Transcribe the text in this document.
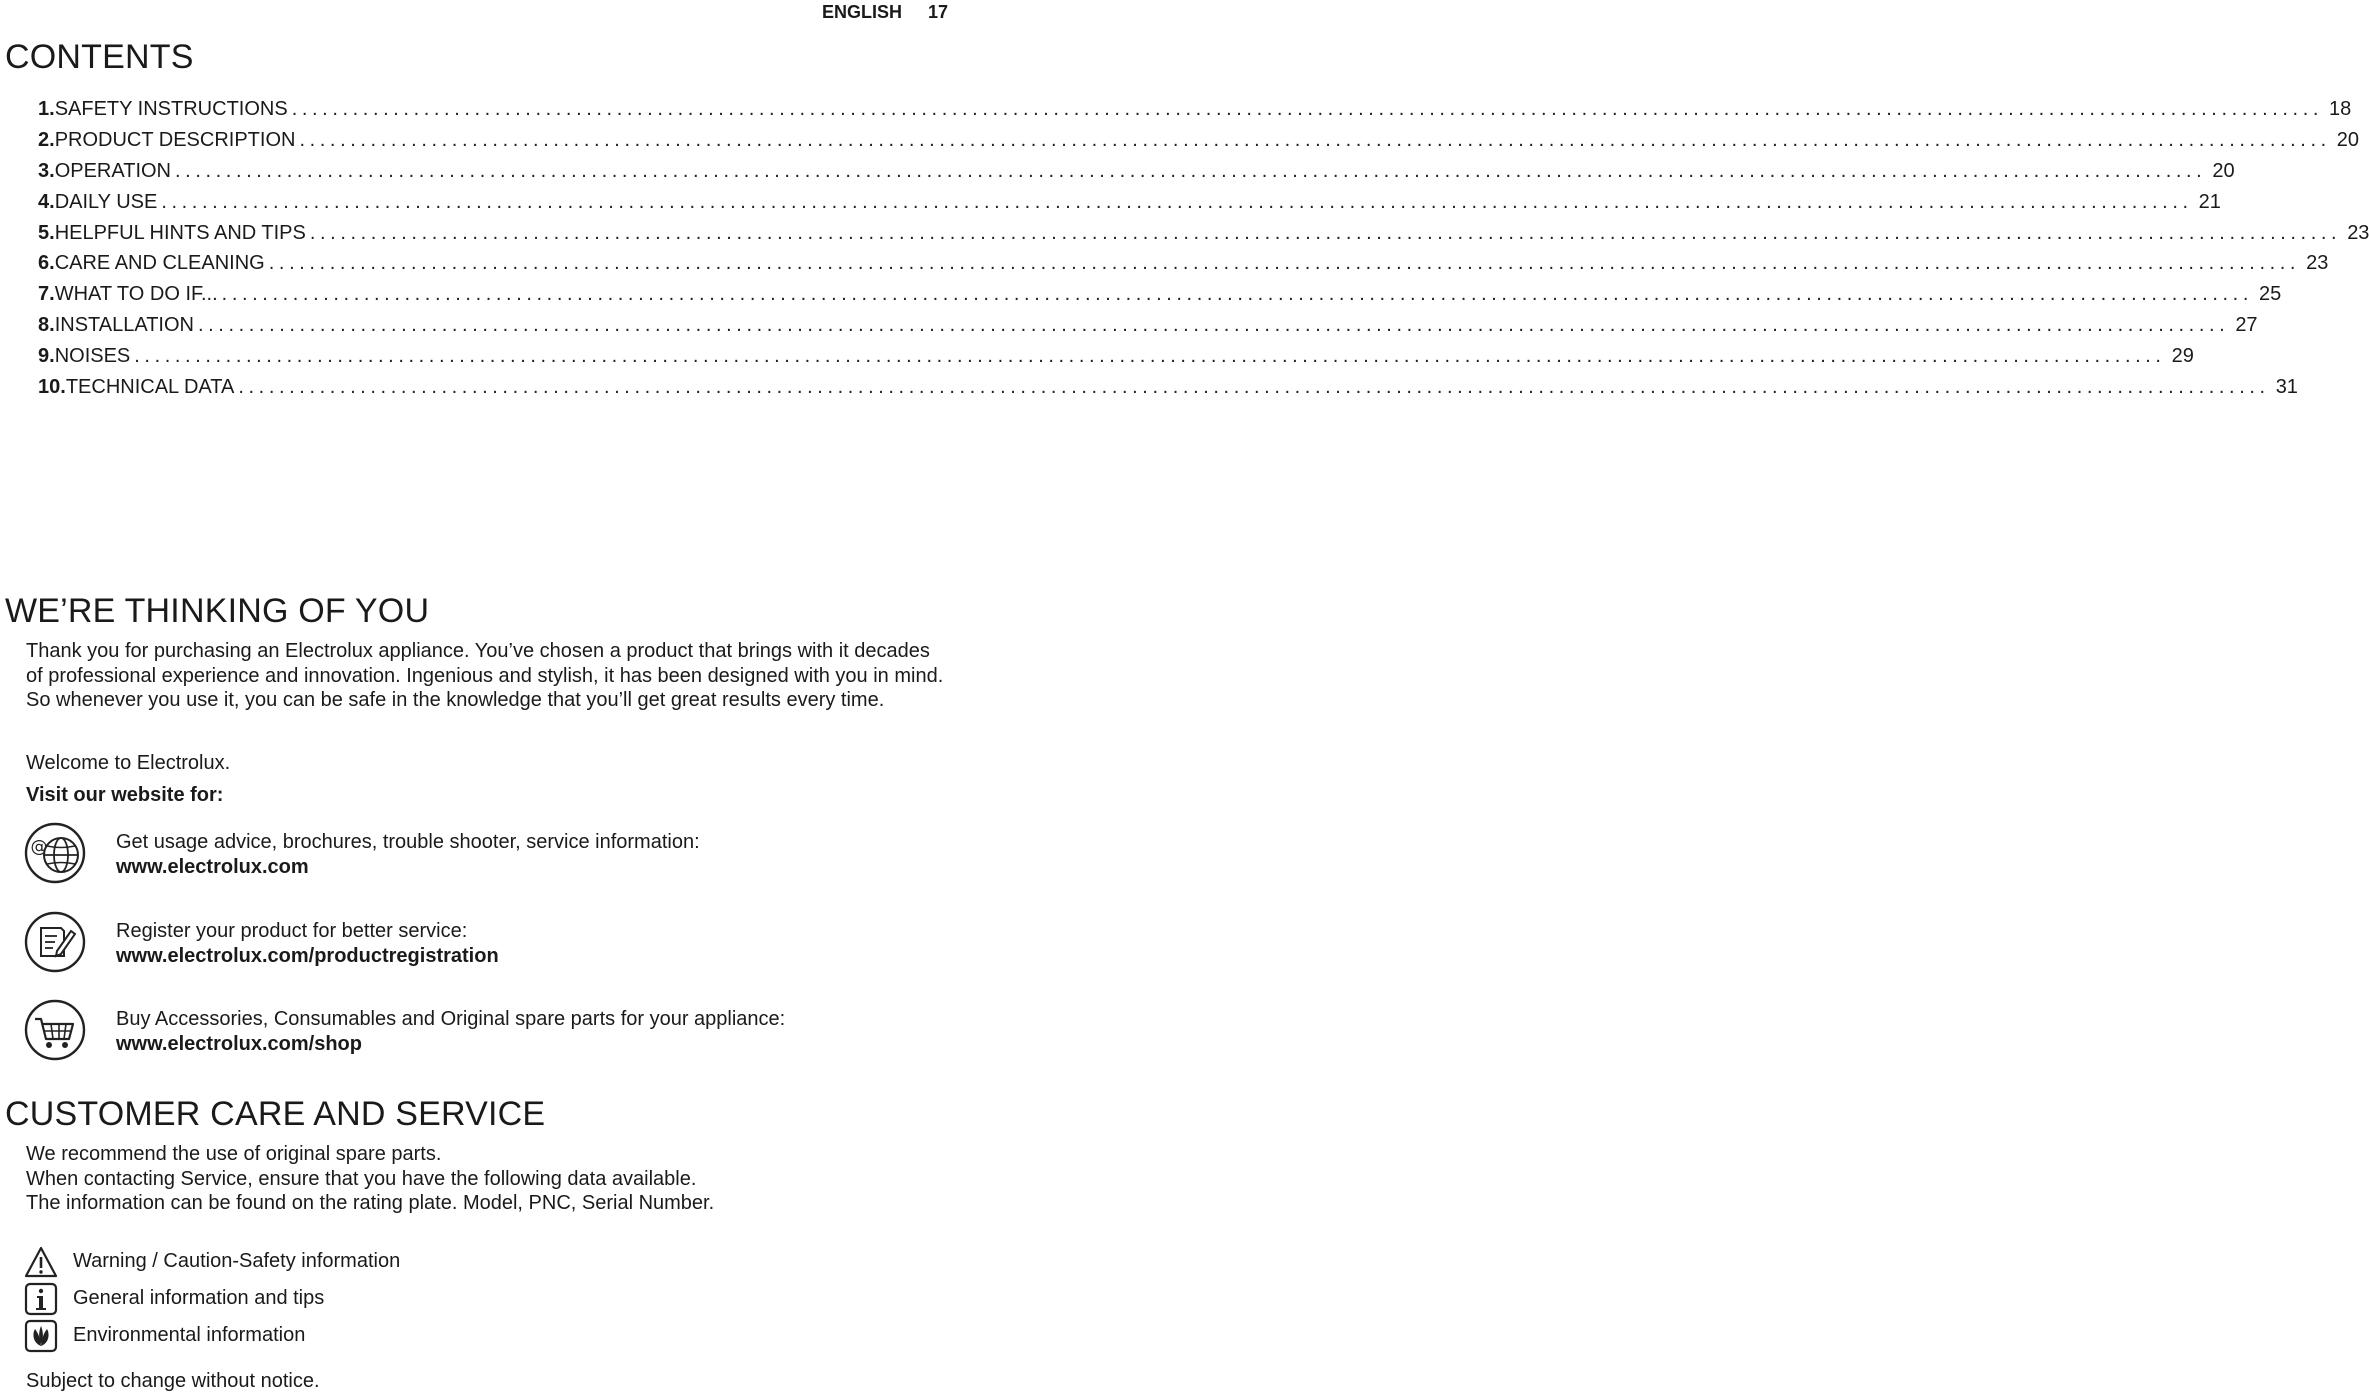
ENGLISH 17
CONTENTS
1. SAFETY INSTRUCTIONS ........................................................................................................................................................................................................ 18
2. PRODUCT DESCRIPTION ........................................................................................................................................................................................................ 20
3. OPERATION ........................................................................................................................................................................................................ 20
4. DAILY USE ........................................................................................................................................................................................................ 21
5. HELPFUL HINTS AND TIPS ........................................................................................................................................................................................................ 23
6. CARE AND CLEANING ........................................................................................................................................................................................................ 23
7. WHAT TO DO IF... ........................................................................................................................................................................................................ 25
8. INSTALLATION ........................................................................................................................................................................................................ 27
9. NOISES ........................................................................................................................................................................................................ 29
10. TECHNICAL DATA ........................................................................................................................................................................................................ 31
WE’RE THINKING OF YOU
Thank you for purchasing an Electrolux appliance. You’ve chosen a product that brings with it decades of professional experience and innovation. Ingenious and stylish, it has been designed with you in mind. So whenever you use it, you can be safe in the knowledge that you’ll get great results every time.
Welcome to Electrolux.
Visit our website for:
@	Get usage advice, brochures, trouble shooter, service information:
www.electrolux.com
Register your product for better service:
www.electrolux.com/productregistration
Buy Accessories, Consumables and Original spare parts for your appliance:
www.electrolux.com/shop
CUSTOMER CARE AND SERVICE
We recommend the use of original spare parts.
When contacting Service, ensure that you have the following data available.
The information can be found on the rating plate. Model, PNC, Serial Number.
Warning / Caution-Safety information
General information and tips
Environmental information
Subject to change without notice.
